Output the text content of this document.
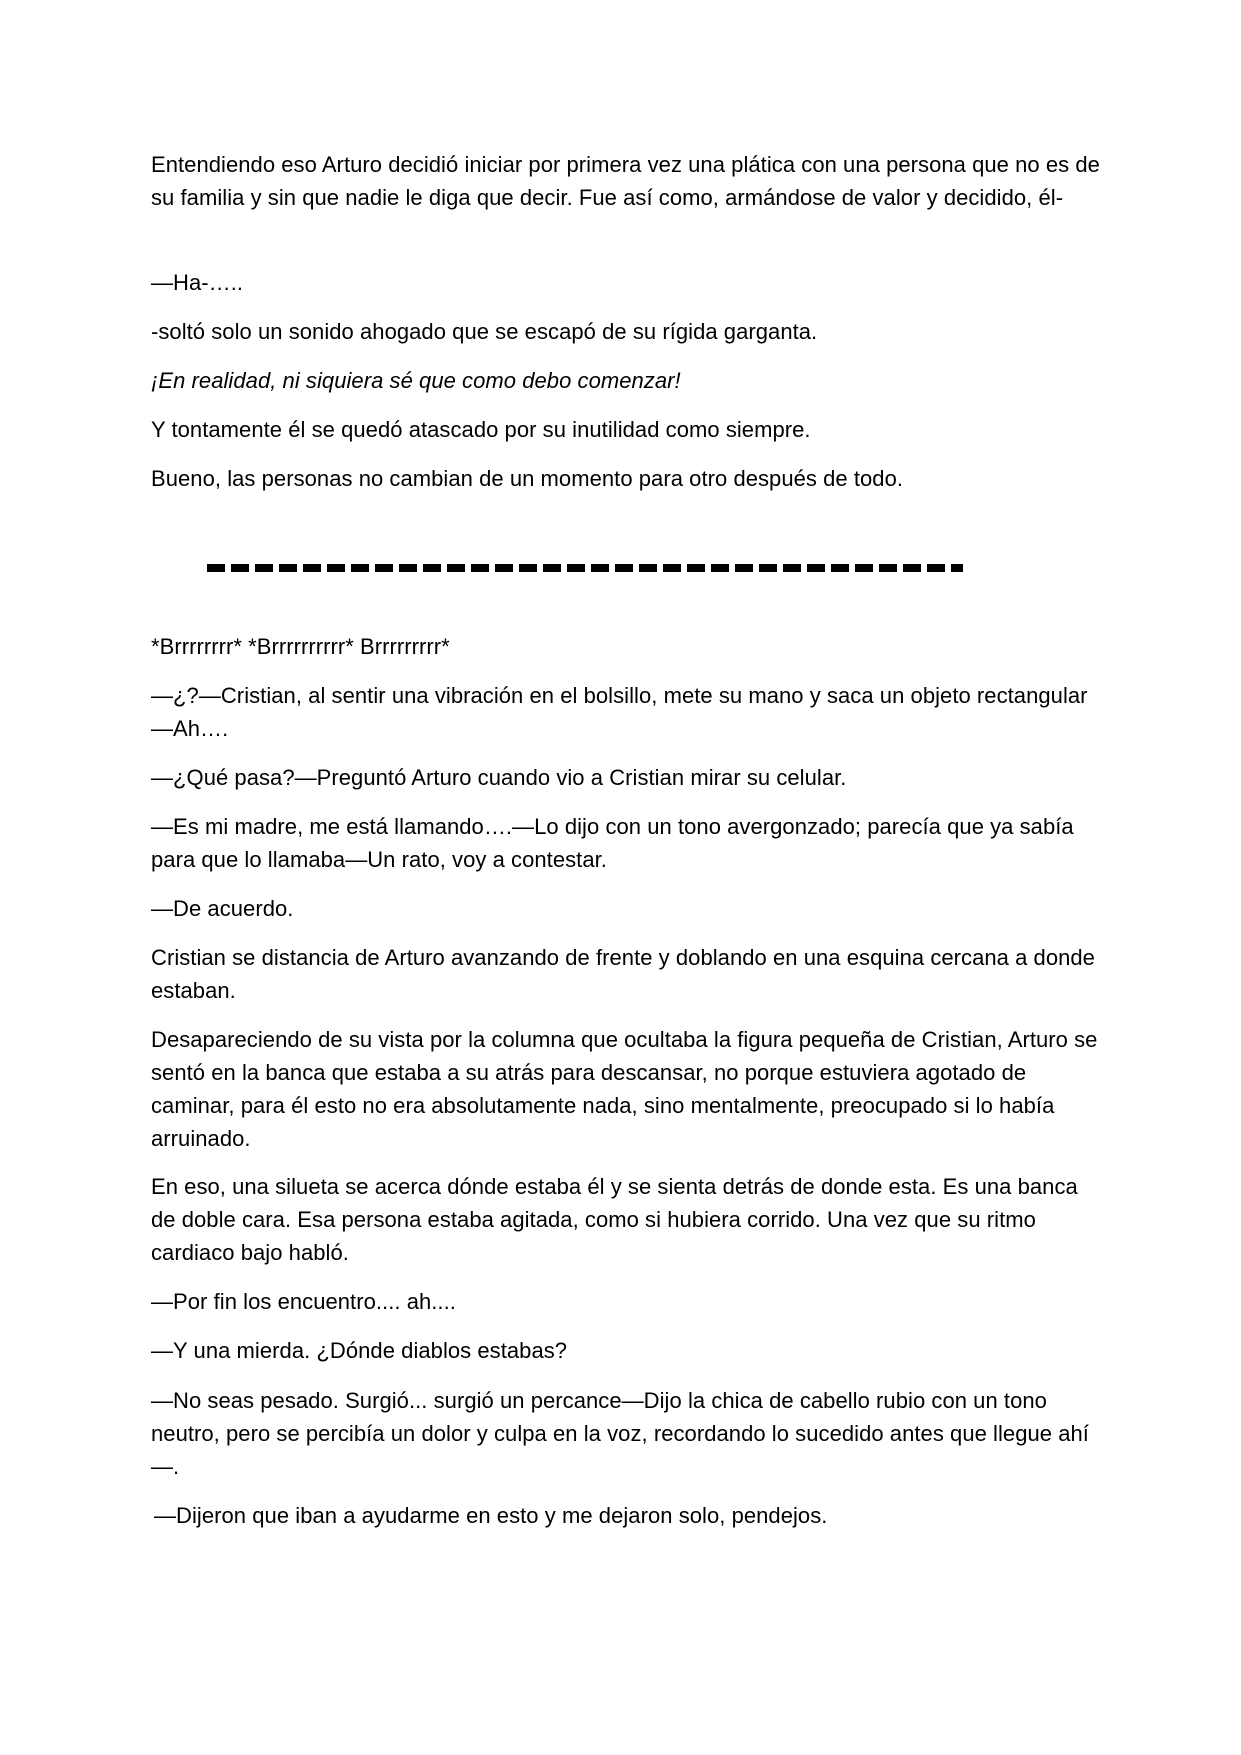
Entendiendo eso Arturo decidió iniciar por primera vez una plática con una persona que no es de su familia y sin que nadie le diga que decir. Fue así como, armándose de valor y decidido, él-

—Ha-…..

-soltó solo un sonido ahogado que se escapó de su rígida garganta.

¡En realidad, ni siquiera sé que como debo comenzar!

Y tontamente él se quedó atascado por su inutilidad como siempre.

Bueno, las personas no cambian de un momento para otro después de todo.

*Brrrrrrrr* *Brrrrrrrrrr* Brrrrrrrrr*

—¿?—Cristian, al sentir una vibración en el bolsillo, mete su mano y saca un objeto rectangular—Ah….

—¿Qué pasa?—Preguntó Arturo cuando vio a Cristian mirar su celular.

—Es mi madre, me está llamando….—Lo dijo con un tono avergonzado; parecía que ya sabía para que lo llamaba—Un rato, voy a contestar.

—De acuerdo.

Cristian se distancia de Arturo avanzando de frente y doblando en una esquina cercana a donde estaban.

Desapareciendo de su vista por la columna que ocultaba la figura pequeña de Cristian, Arturo se sentó en la banca que estaba a su atrás para descansar, no porque estuviera agotado de caminar, para él esto no era absolutamente nada, sino mentalmente, preocupado si lo había arruinado.

En eso, una silueta se acerca dónde estaba él y se sienta detrás de donde esta. Es una banca de doble cara. Esa persona estaba agitada, como si hubiera corrido. Una vez que su ritmo cardiaco bajo habló.

—Por fin los encuentro.... ah....

—Y una mierda. ¿Dónde diablos estabas?

—No seas pesado. Surgió... surgió un percance—Dijo la chica de cabello rubio con un tono neutro, pero se percibía un dolor y culpa en la voz, recordando lo sucedido antes que llegue ahí—.

—Dijeron que iban a ayudarme en esto y me dejaron solo, pendejos.
